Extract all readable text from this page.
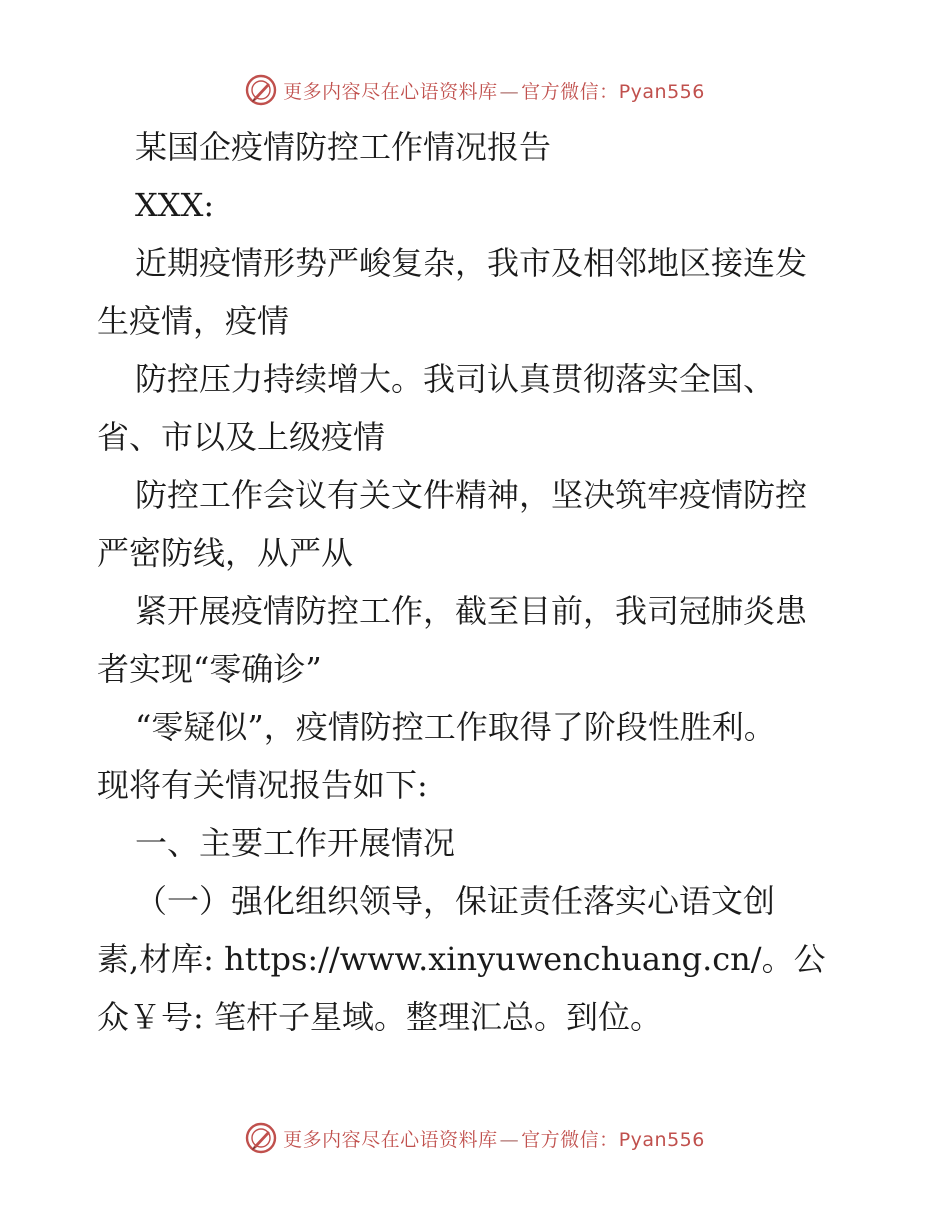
更多内容尽在心语资料库 — 官方微信：Pyan556
某国企疫情防控工作情况报告
XXX:
近期疫情形势严峻复杂，我市及相邻地区接连发
生疫情，疫情
防控压力持续增大。我司认真贯彻落实全国、
省、市以及上级疫情
防控工作会议有关文件精神，坚决筑牢疫情防控
严密防线，从严从
紧开展疫情防控工作，截至目前，我司冠肺炎患
者实现“零确诊”
“零疑似”，疫情防控工作取得了阶段性胜利。
现将有关情况报告如下:
一、主要工作开展情况
（一）强化组织领导，保证责任落实心语文创
素,材库: https://www.xinyuwenchuang.cn/。公
众￥号: 笔杆子星域。整理汇总。到位。
更多内容尽在心语资料库 — 官方微信：Pyan556
